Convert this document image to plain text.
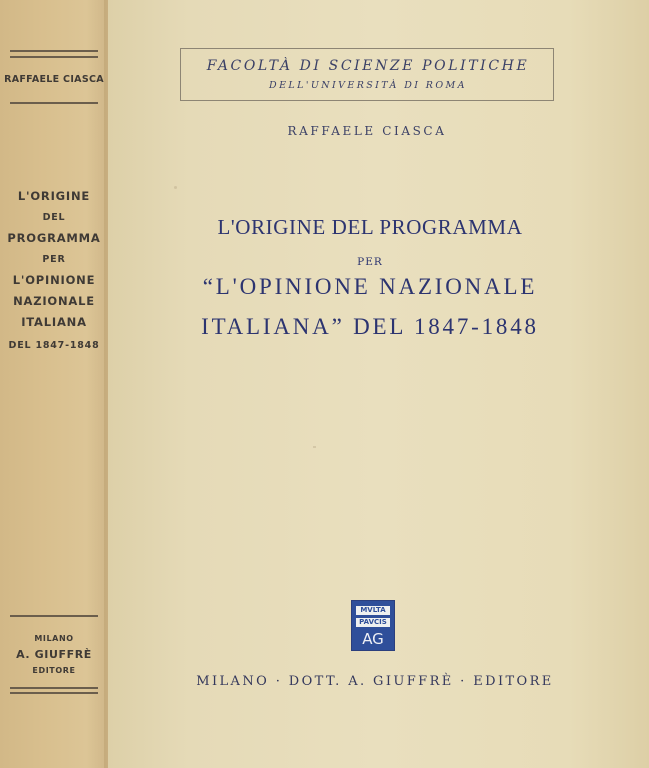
RAFFAELE CIASCA
L'ORIGINE
DEL
PROGRAMMA
PER
L'OPINIONE
NAZIONALE
ITALIANA
DEL 1847-1848
MILANO
A. GIUFFRÈ
EDITORE
FACOLTÀ DI SCIENZE POLITICHE
DELL'UNIVERSITÀ DI ROMA
RAFFAELE CIASCA
L'ORIGINE DEL PROGRAMMA
PER
“L'OPINIONE NAZIONALE
ITALIANA” DEL 1847-1848
MVLTA
PAVCIS
AG
MILANO · DOTT. A. GIUFFRÈ · EDITORE
